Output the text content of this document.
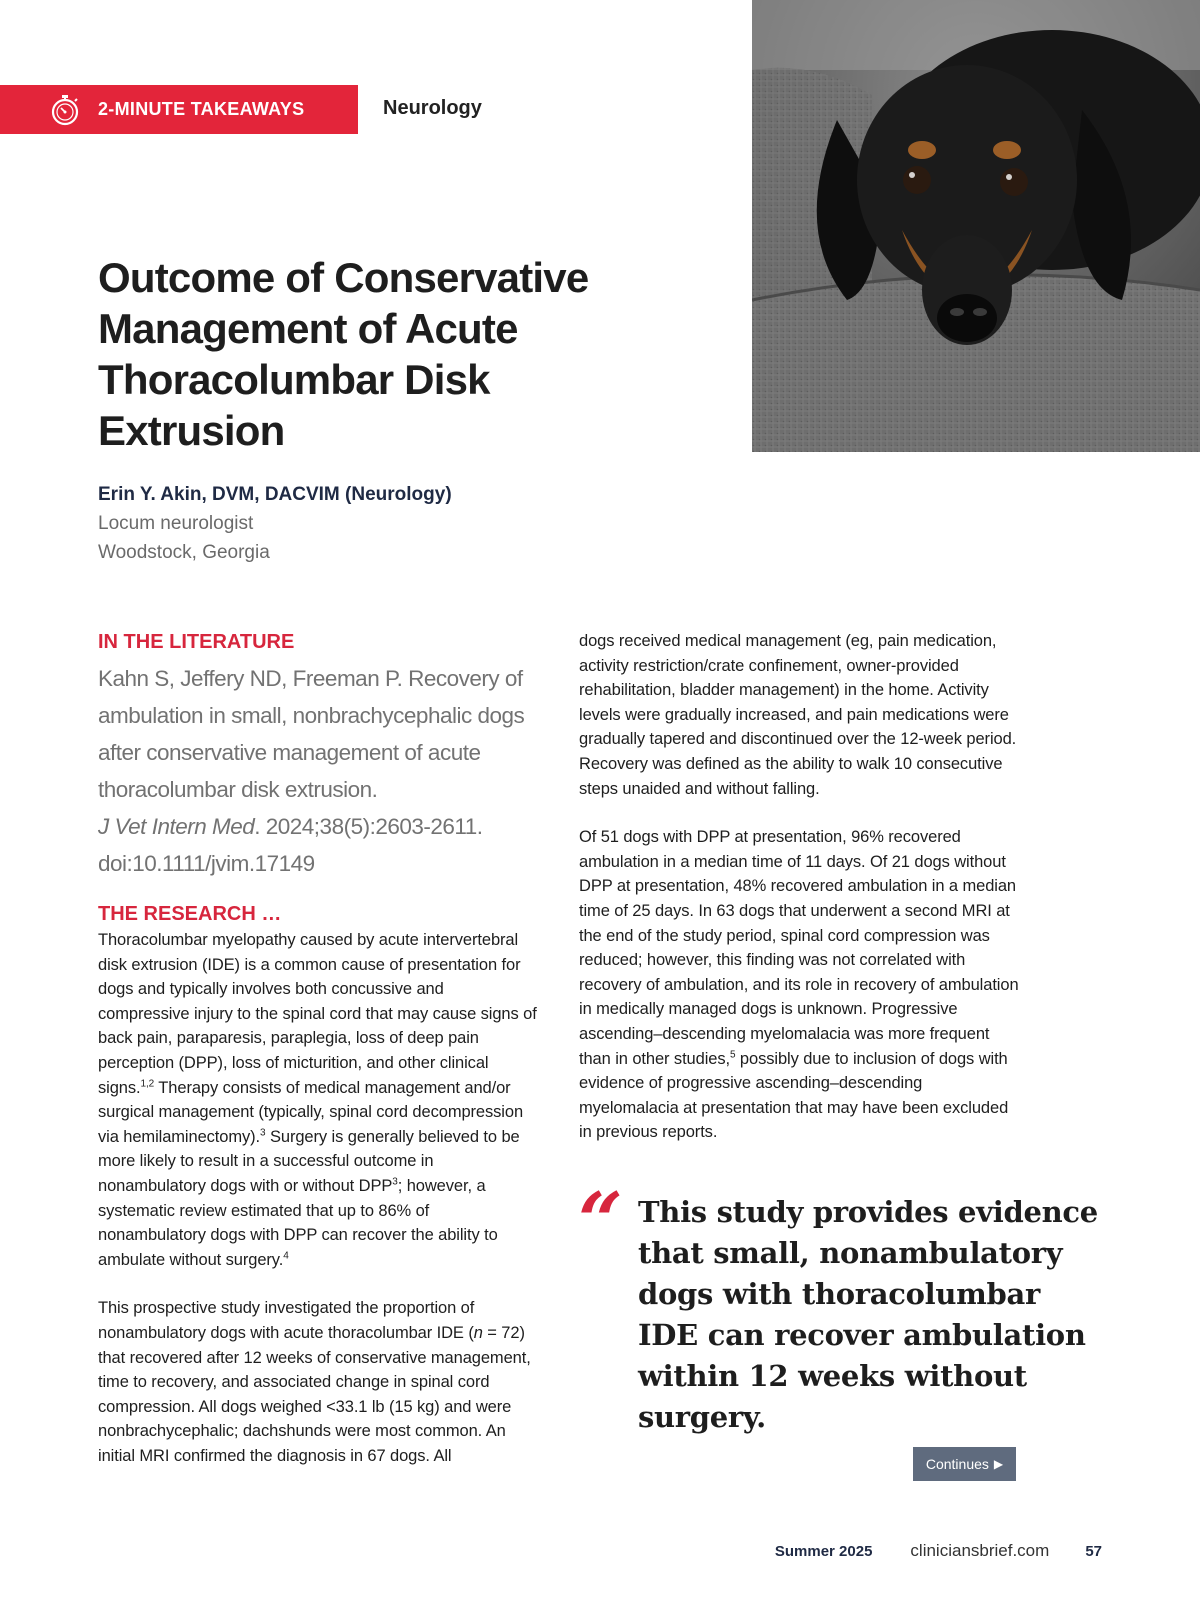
2-MINUTE TAKEAWAYS	Neurology
Outcome of Conservative Management of Acute Thoracolumbar Disk Extrusion
Erin Y. Akin, DVM, DACVIM (Neurology)
Locum neurologist
Woodstock, Georgia
IN THE LITERATURE

Kahn S, Jeffery ND, Freeman P. Recovery of ambulation in small, nonbrachycephalic dogs after conservative management of acute thoracolumbar disk extrusion.
J Vet Intern Med. 2024;38(5):2603-2611.
doi:10.1111/jvim.17149

THE RESEARCH …

Thoracolumbar myelopathy caused by acute intervertebral disk extrusion (IDE) is a common cause of presentation for dogs and typically involves both concussive and compressive injury to the spinal cord that may cause signs of back pain, paraparesis, paraplegia, loss of deep pain perception (DPP), loss of micturition, and other clinical signs.$^{1,2}$ Therapy consists of medical management and/or surgical management (typically, spinal cord decompression via hemilaminectomy).$^3$ Surgery is generally believed to be more likely to result in a successful outcome in nonambulatory dogs with or without DPP$^3$; however, a systematic review estimated that up to 86% of nonambulatory dogs with DPP can recover the ability to ambulate without surgery.$^4$

This prospective study investigated the proportion of nonambulatory dogs with acute thoracolumbar IDE (n = 72) that recovered after 12 weeks of conservative management, time to recovery, and associated change in spinal cord compression. All dogs weighed <33.1 lb (15 kg) and were nonbrachycephalic; dachshunds were most common. An initial MRI confirmed the diagnosis in 67 dogs. All

dogs received medical management (eg, pain medication, activity restriction/crate confinement, owner-provided rehabilitation, bladder management) in the home. Activity levels were gradually increased, and pain medications were gradually tapered and discontinued over the 12-week period. Recovery was defined as the ability to walk 10 consecutive steps unaided and without falling.

Of 51 dogs with DPP at presentation, 96% recovered ambulation in a median time of 11 days. Of 21 dogs without DPP at presentation, 48% recovered ambulation in a median time of 25 days. In 63 dogs that underwent a second MRI at the end of the study period, spinal cord compression was reduced; however, this finding was not correlated with recovery of ambulation, and its role in recovery of ambulation in medically managed dogs is unknown. Progressive ascending–descending myelomalacia was more frequent than in other studies,$^5$ possibly due to inclusion of dogs with evidence of progressive ascending–descending myelomalacia at presentation that may have been excluded in previous reports.

“ This study provides evidence that small, nonambulatory dogs with thoracolumbar IDE can recover ambulation within 12 weeks without surgery.

Continues ▶
Summer 2025 cliniciansbrief.com 57
